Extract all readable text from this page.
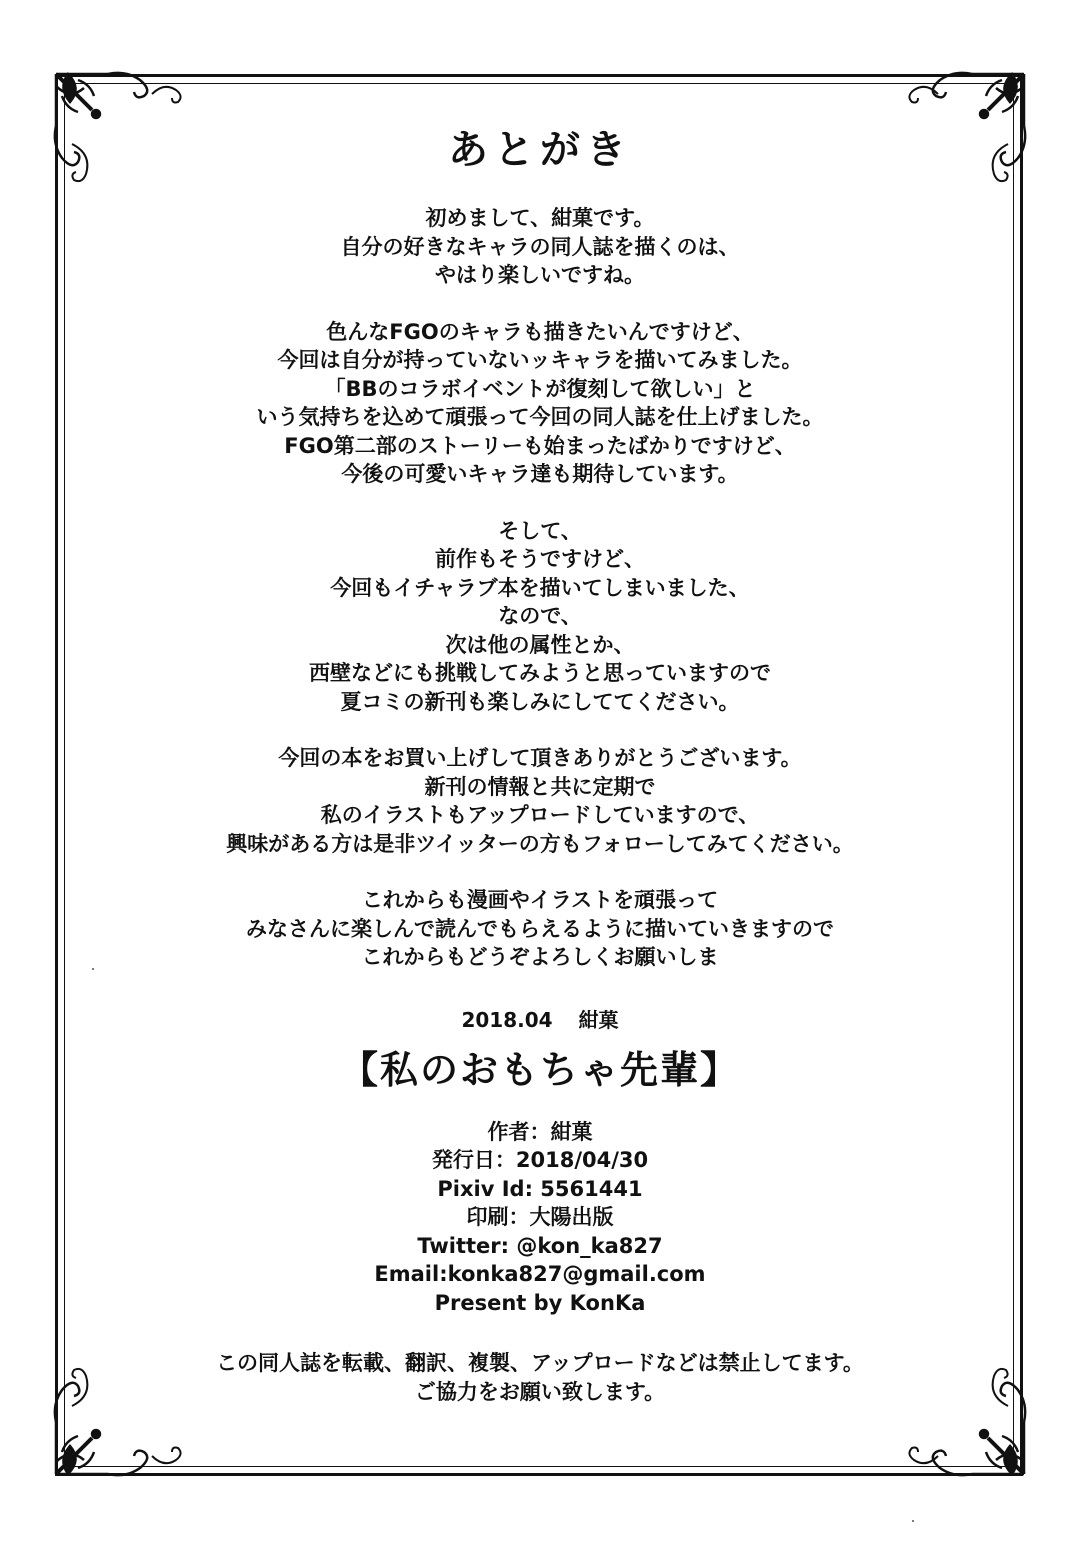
あとがき
初めまして、紺菓です。
自分の好きなキャラの同人誌を描くのは、
やはり楽しいですね。
色んなFGOのキャラも描きたいんですけど、
今回は自分が持っていないッキャラを描いてみました。
「BBのコラボイベントが復刻して欲しい」と
いう気持ちを込めて頑張って今回の同人誌を仕上げました。
FGO第二部のストーリーも始まったばかりですけど、
今後の可愛いキャラ達も期待しています。
そして、
前作もそうですけど、
今回もイチャラブ本を描いてしまいました、
なので、
次は他の属性とか、
西壁などにも挑戦してみようと思っていますので
夏コミの新刊も楽しみにしててください。
今回の本をお買い上げして頂きありがとうございます。
新刊の情報と共に定期で
私のイラストもアップロードしていますので、
興味がある方は是非ツイッターの方もフォローしてみてください。
これからも漫画やイラストを頑張って
みなさんに楽しんで読んでもらえるように描いていきますので
これからもどうぞよろしくお願いしま
2018.04 紺菓
【私のおもちゃ先輩】
作者：紺菓
発行日：2018/04/30
Pixiv Id: 5561441
印刷：大陽出版
Twitter: @kon_ka827
Email:konka827@gmail.com
Present by KonKa
この同人誌を転載、翻訳、複製、アップロードなどは禁止してます。
ご協力をお願い致します。
